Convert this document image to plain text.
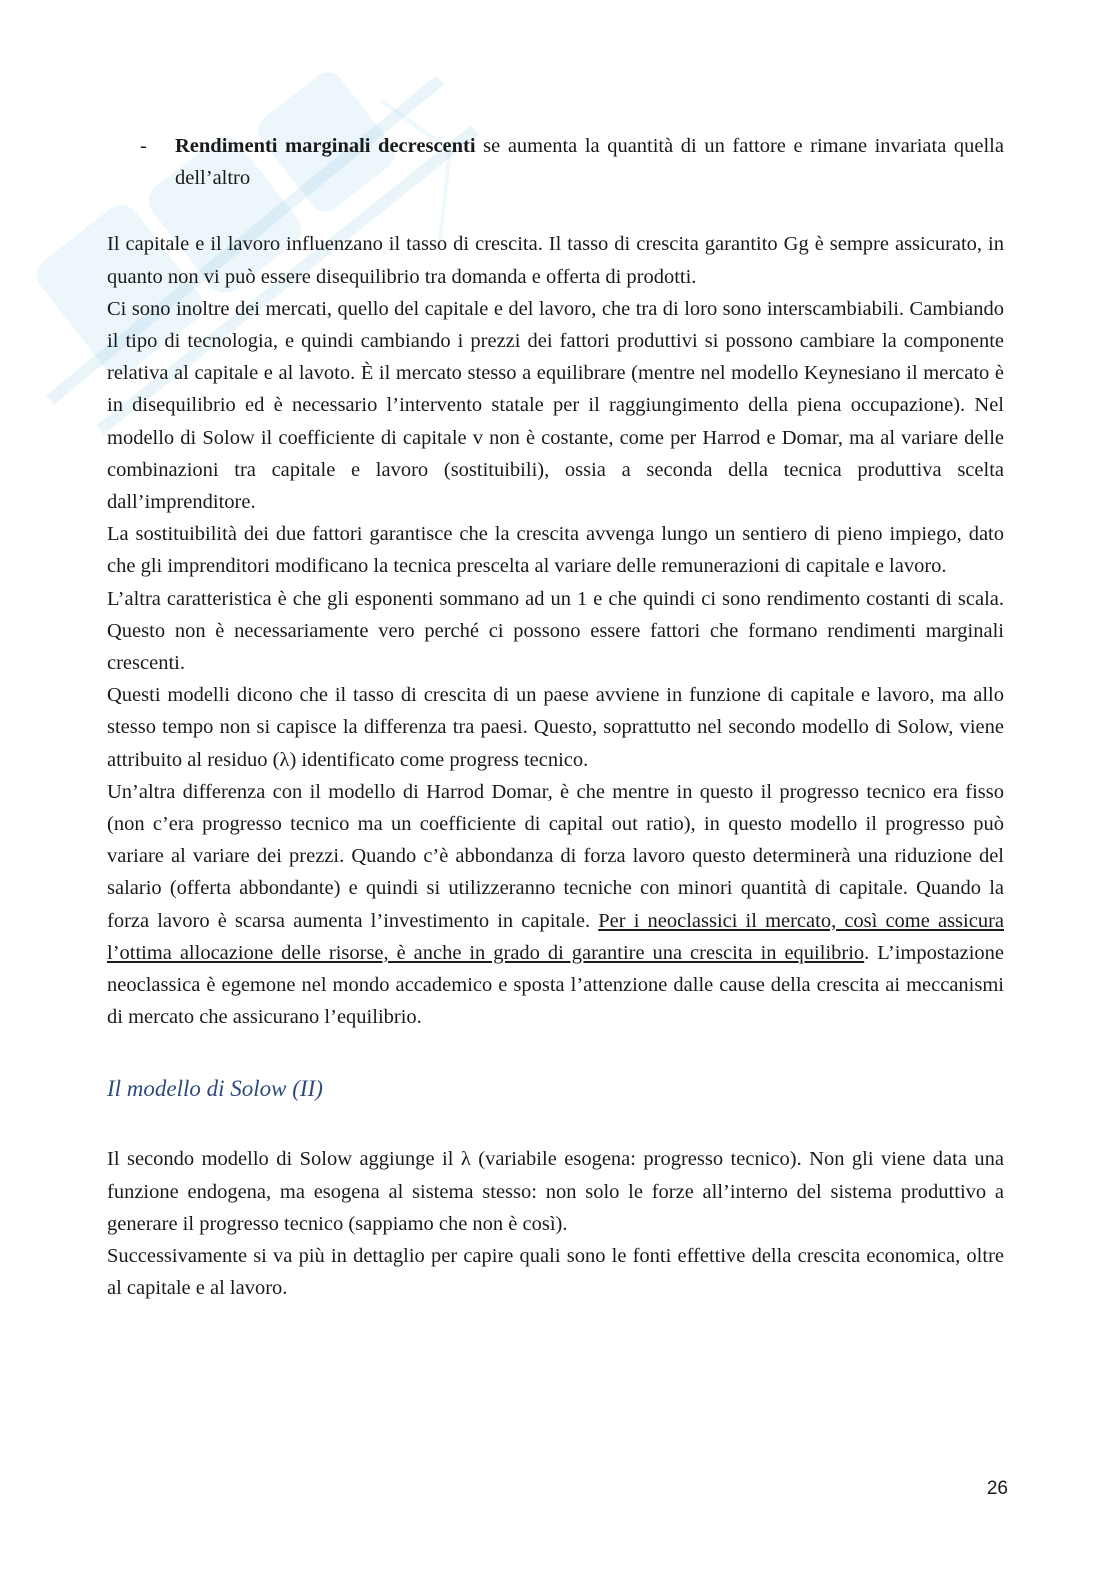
-	Rendimenti marginali decrescenti se aumenta la quantità di un fattore e rimane invariata quella dell’altro

Il capitale e il lavoro influenzano il tasso di crescita. Il tasso di crescita garantito Gg è sempre assicurato, in quanto non vi può essere disequilibrio tra domanda e offerta di prodotti.

Ci sono inoltre dei mercati, quello del capitale e del lavoro, che tra di loro sono interscambiabili. Cambiando il tipo di tecnologia, e quindi cambiando i prezzi dei fattori produttivi si possono cambiare la componente relativa al capitale e al lavoto. È il mercato stesso a equilibrare (mentre nel modello Keynesiano il mercato è in disequilibrio ed è necessario l’intervento statale per il raggiungimento della piena occupazione). Nel modello di Solow il coefficiente di capitale v non è costante, come per Harrod e Domar, ma al variare delle combinazioni tra capitale e lavoro (sostituibili), ossia a seconda della tecnica produttiva scelta dall’imprenditore.

La sostituibilità dei due fattori garantisce che la crescita avvenga lungo un sentiero di pieno impiego, dato che gli imprenditori modificano la tecnica prescelta al variare delle remunerazioni di capitale e lavoro.

L’altra caratteristica è che gli esponenti sommano ad un 1 e che quindi ci sono rendimento costanti di scala. Questo non è necessariamente vero perché ci possono essere fattori che formano rendimenti marginali crescenti.

Questi modelli dicono che il tasso di crescita di un paese avviene in funzione di capitale e lavoro, ma allo stesso tempo non si capisce la differenza tra paesi. Questo, soprattutto nel secondo modello di Solow, viene attribuito al residuo (λ) identificato come progress tecnico.

Un’altra differenza con il modello di Harrod Domar, è che mentre in questo il progresso tecnico era fisso (non c’era progresso tecnico ma un coefficiente di capital out ratio), in questo modello il progresso può variare al variare dei prezzi. Quando c’è abbondanza di forza lavoro questo determinerà una riduzione del salario (offerta abbondante) e quindi si utilizzeranno tecniche con minori quantità di capitale. Quando la forza lavoro è scarsa aumenta l’investimento in capitale. Per i neoclassici il mercato, così come assicura l’ottima allocazione delle risorse, è anche in grado di garantire una crescita in equilibrio. L’impostazione neoclassica è egemone nel mondo accademico e sposta l’attenzione dalle cause della crescita ai meccanismi di mercato che assicurano l’equilibrio.

Il modello di Solow (II)

Il secondo modello di Solow aggiunge il λ (variabile esogena: progresso tecnico). Non gli viene data una funzione endogena, ma esogena al sistema stesso: non solo le forze all’interno del sistema produttivo a generare il progresso tecnico (sappiamo che non è così).

Successivamente si va più in dettaglio per capire quali sono le fonti effettive della crescita economica, oltre al capitale e al lavoro.

26
